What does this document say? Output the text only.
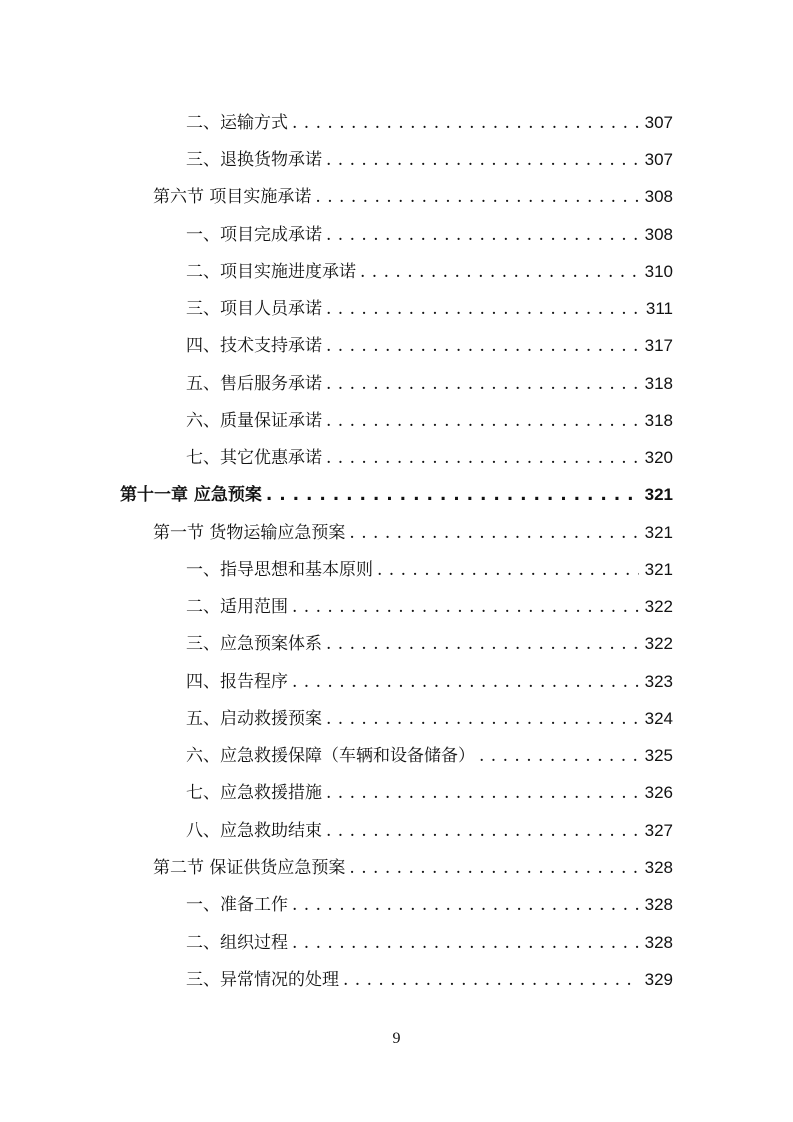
二、运输方式 . . .	307
三、退换货物承诺 . . .	307
第六节 项目实施承诺 . . .	308
一、项目完成承诺 . . .	308
二、项目实施进度承诺 . . .	310
三、项目人员承诺 . . .	311
四、技术支持承诺 . . .	317
五、售后服务承诺 . . .	318
六、质量保证承诺 . . .	318
七、其它优惠承诺 . . .	320
第十一章 应急预案 . . .	321
第一节 货物运输应急预案 . . .	321
一、指导思想和基本原则 . . .	321
二、适用范围 . . .	322
三、应急预案体系 . . .	322
四、报告程序 . . .	323
五、启动救援预案 . . .	324
六、应急救援保障（车辆和设备储备） . . .	325
七、应急救援措施 . . .	326
八、应急救助结束 . . .	327
第二节 保证供货应急预案 . . .	328
一、准备工作 . . .	328
二、组织过程 . . .	328
三、异常情况的处理 . . .	329
9
